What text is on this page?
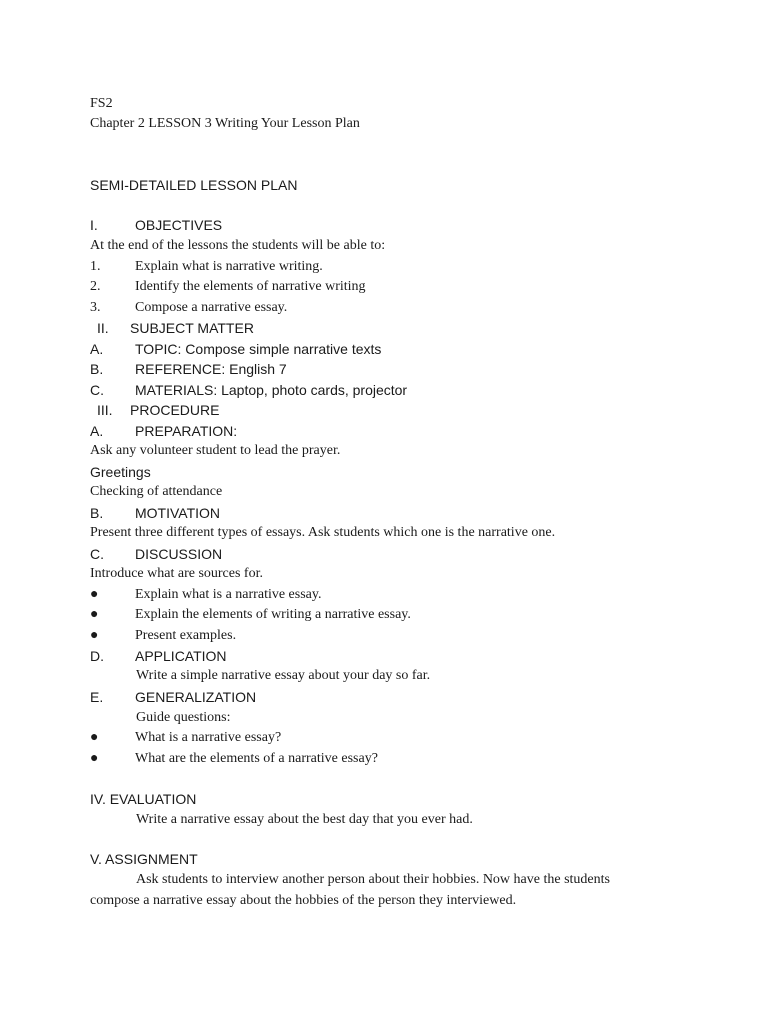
FS2
Chapter 2 LESSON 3 Writing Your Lesson Plan
SEMI-DETAILED LESSON PLAN
I.	OBJECTIVES
At the end of the lessons the students will be able to:
1. Explain what is narrative writing.
2. Identify the elements of narrative writing
3. Compose a narrative essay.
II. SUBJECT MATTER
A. TOPIC: Compose simple narrative texts
B. REFERENCE: English 7
C. MATERIALS: Laptop, photo cards, projector
III. PROCEDURE
A. PREPARATION:
Ask any volunteer student to lead the prayer.
Greetings
Checking of attendance
B. MOTIVATION
Present three different types of essays. Ask students which one is the narrative one.
C. DISCUSSION
Introduce what are sources for.
●	Explain what is a narrative essay.
●	Explain the elements of writing a narrative essay.
●	Present examples.
D. APPLICATION
Write a simple narrative essay about your day so far.
E. GENERALIZATION
Guide questions:
●	What is a narrative essay?
●	What are the elements of a narrative essay?
IV. EVALUATION
Write a narrative essay about the best day that you ever had.
V. ASSIGNMENT
Ask students to interview another person about their hobbies. Now have the students
compose a narrative essay about the hobbies of the person they interviewed.
